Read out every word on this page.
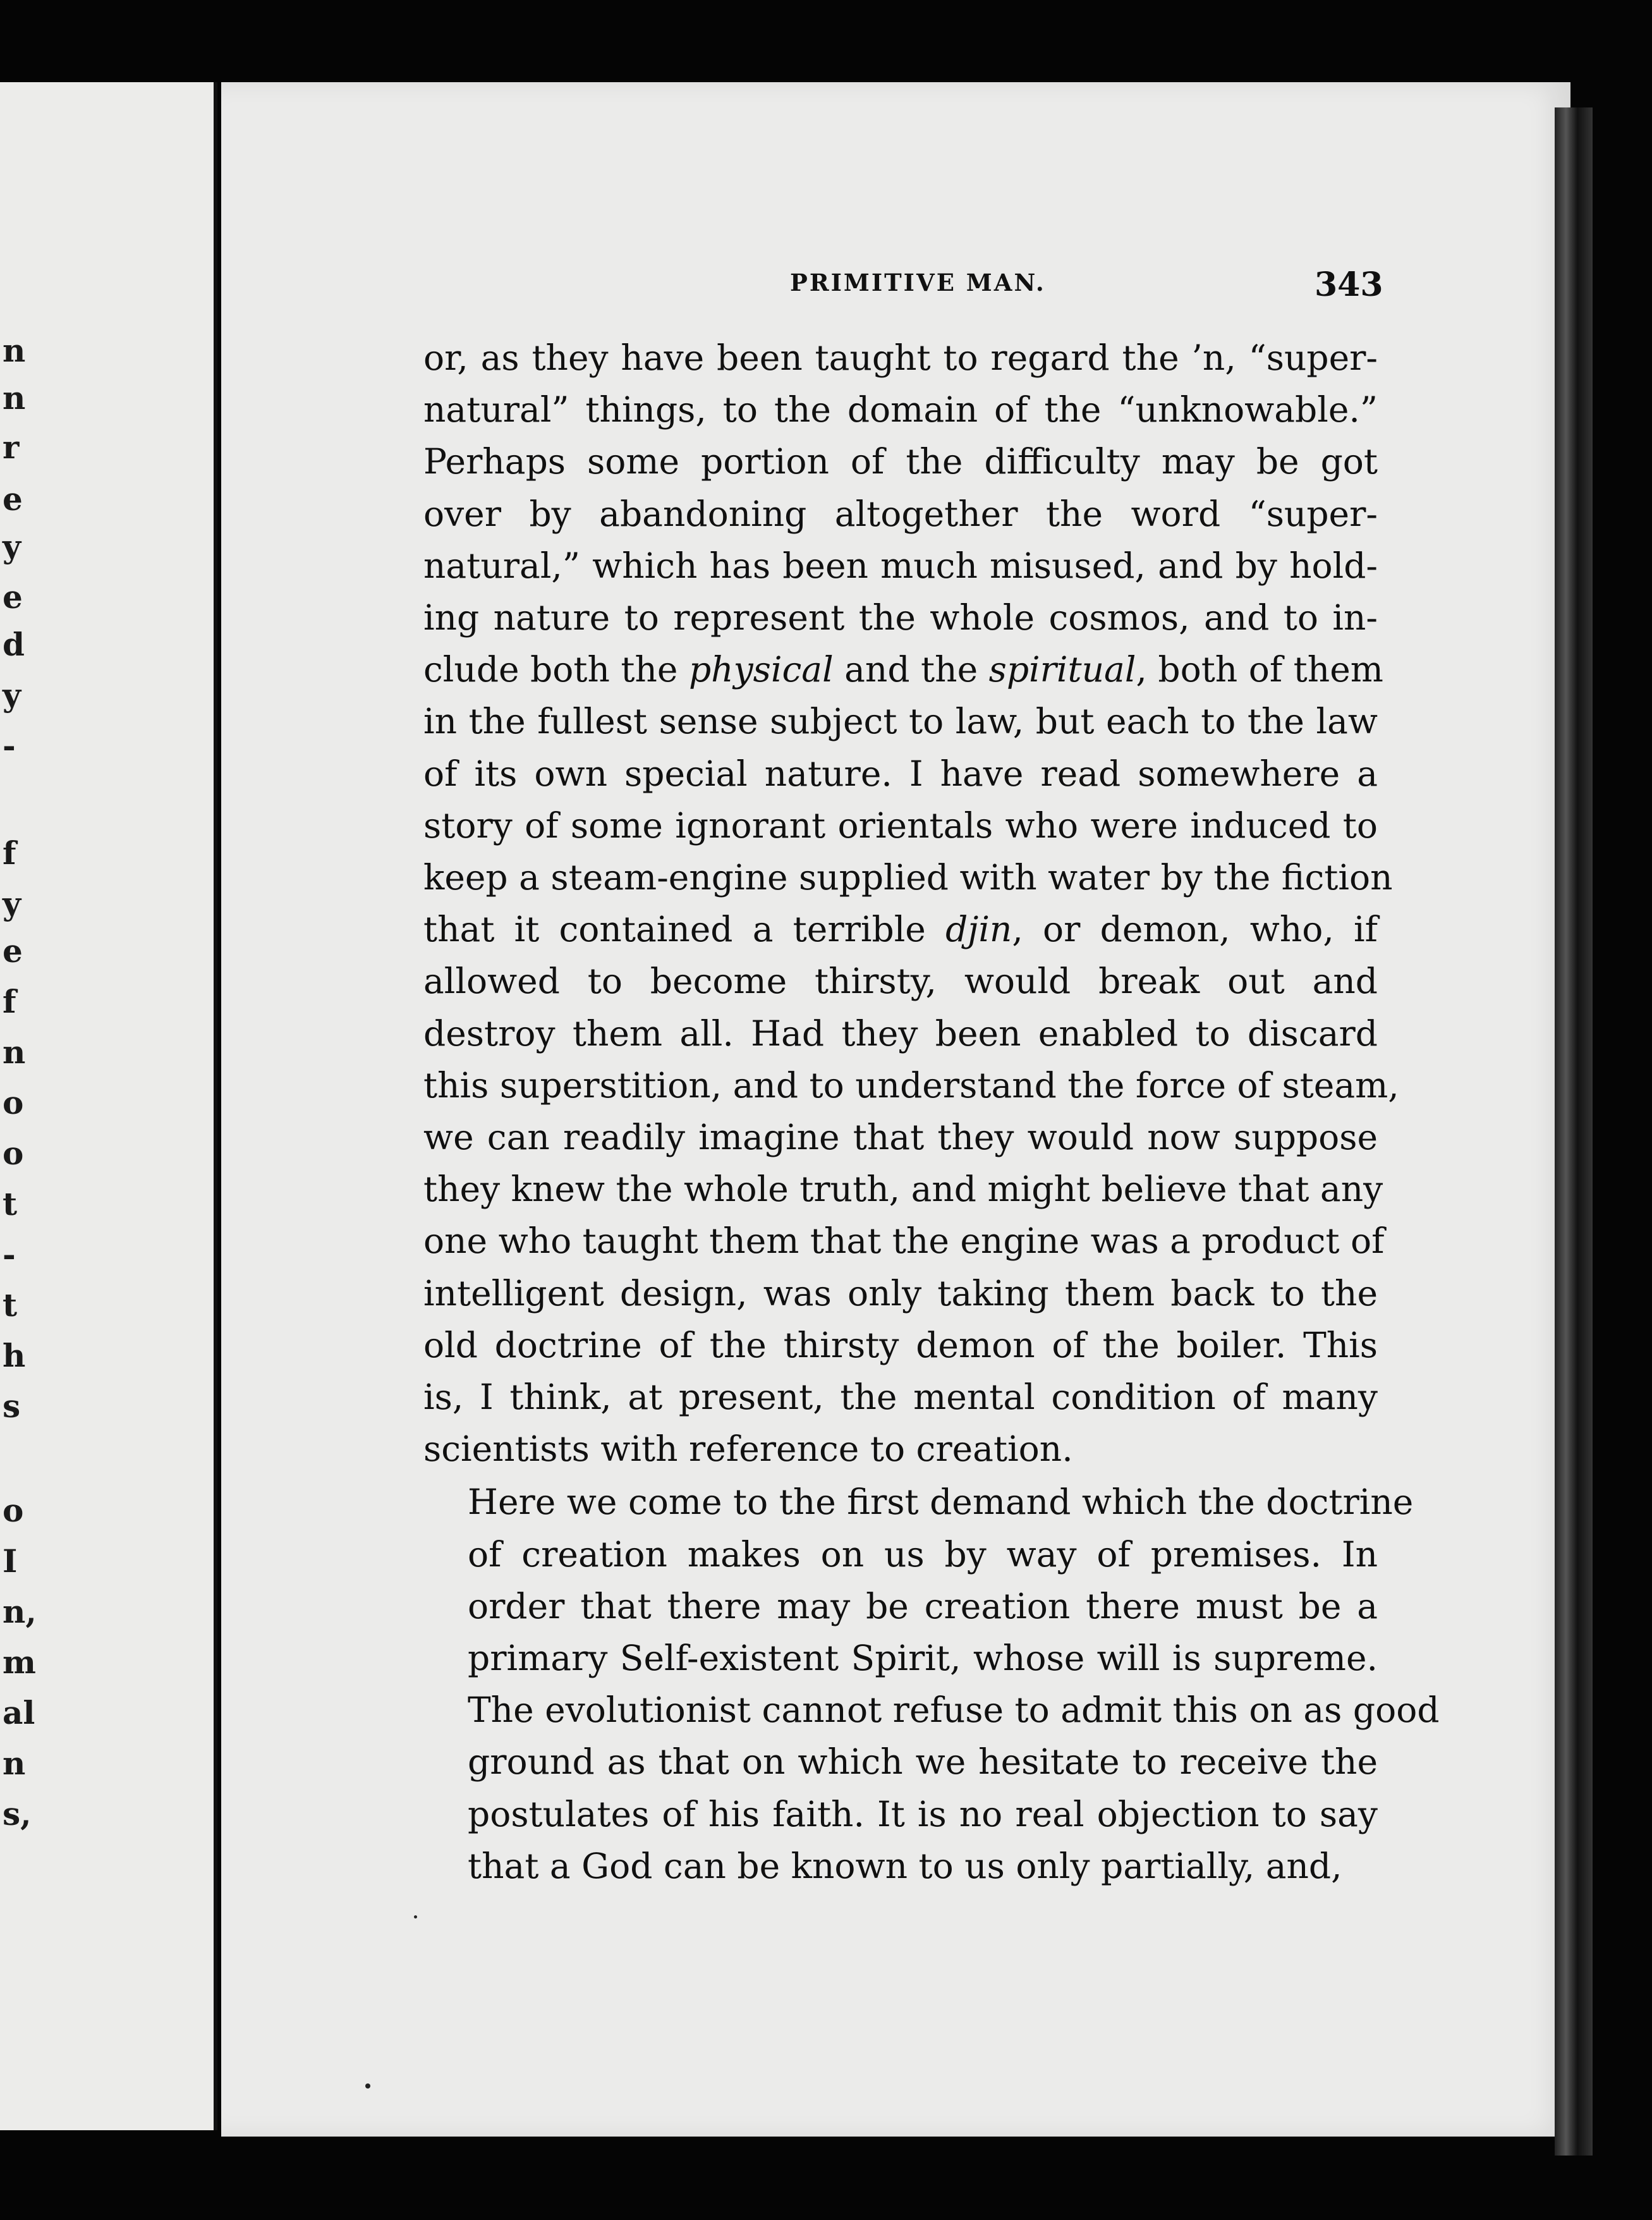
n
n
r
e
y
e
d
y
-
f
y
e
f
n
o
o
t
-
t
h
s
o
I
n,
m
al
n
s,
PRIMITIVE MAN.	343

or, as they have been taught to regard the ’n, “super-
natural” things, to the domain of the “unknowable.”
Perhaps some portion of the difficulty may be got
over by abandoning altogether the word “super-
natural,” which has been much misused, and by hold-
ing nature to represent the whole cosmos, and to in-
clude both the physical and the spiritual, both of them
in the fullest sense subject to law, but each to the law
of its own special nature. I have read somewhere a
story of some ignorant orientals who were induced to
keep a steam-engine supplied with water by the fiction
that it contained a terrible djin, or demon, who, if
allowed to become thirsty, would break out and
destroy them all. Had they been enabled to discard
this superstition, and to understand the force of steam,
we can readily imagine that they would now suppose
they knew the whole truth, and might believe that any
one who taught them that the engine was a product of
intelligent design, was only taking them back to the
old doctrine of the thirsty demon of the boiler. This
is, I think, at present, the mental condition of many
scientists with reference to creation.

Here we come to the first demand which the doctrine
of creation makes on us by way of premises. In
order that there may be creation there must be a
primary Self-existent Spirit, whose will is supreme.
The evolutionist cannot refuse to admit this on as good
ground as that on which we hesitate to receive the
postulates of his faith. It is no real objection to say
that a God can be known to us only partially, and,
